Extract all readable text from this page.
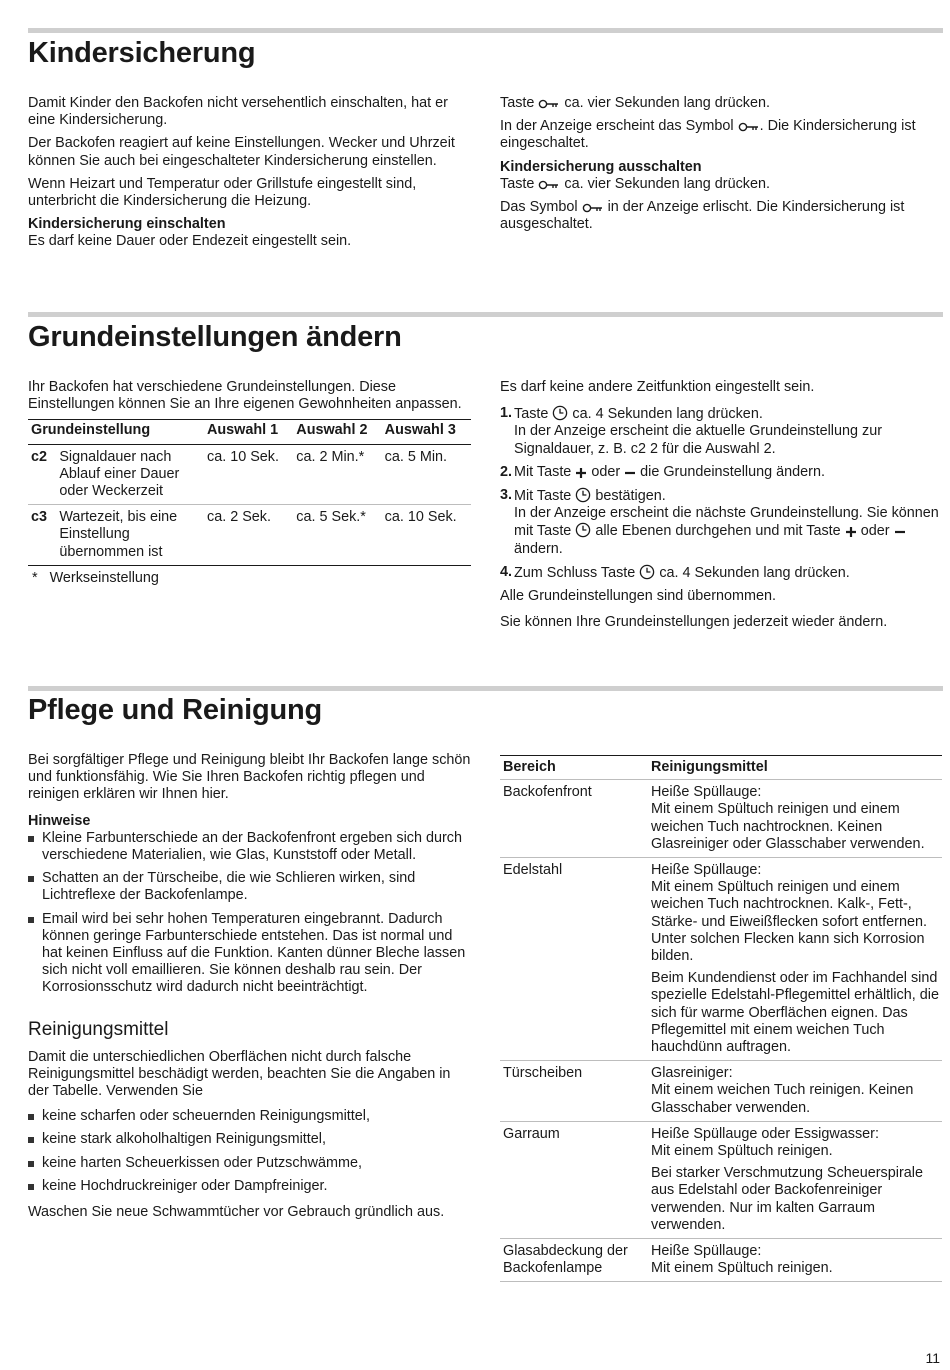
Kindersicherung

Damit Kinder den Backofen nicht versehentlich einschalten, hat er eine Kindersicherung.

Der Backofen reagiert auf keine Einstellungen. Wecker und Uhrzeit können Sie auch bei eingeschalteter Kindersicherung einstellen.

Wenn Heizart und Temperatur oder Grillstufe eingestellt sind, unterbricht die Kindersicherung die Heizung.

Kindersicherung einschalten

Es darf keine Dauer oder Endezeit eingestellt sein.

Taste ca. vier Sekunden lang drücken.

In der Anzeige erscheint das Symbol . Die Kindersicherung ist eingeschaltet.

Kindersicherung ausschalten

Taste ca. vier Sekunden lang drücken.

Das Symbol in der Anzeige erlischt. Die Kindersicherung ist ausgeschaltet.

Grundeinstellungen ändern

Ihr Backofen hat verschiedene Grundeinstellungen. Diese Einstellungen können Sie an Ihre eigenen Gewohnheiten anpassen.

Grundeinstellung		Auswahl 1	Auswahl 2	Auswahl 3
c2	Signaldauer nach Ablauf einer Dauer oder Weckerzeit	ca. 10 Sek.	ca. 2 Min.*	ca. 5 Min.
c3	Wartezeit, bis eine Einstellung übernommen ist	ca. 2 Sek.	ca. 5 Sek.*	ca. 10 Sek.
* Werkseinstellung

Es darf keine andere Zeitfunktion eingestellt sein.

1. Taste ca. 4 Sekunden lang drücken.
In der Anzeige erscheint die aktuelle Grundeinstellung zur Signaldauer, z. B. c2 2 für die Auswahl 2.
2. Mit Taste oder die Grundeinstellung ändern.
3. Mit Taste bestätigen.
In der Anzeige erscheint die nächste Grundeinstellung. Sie können mit Taste alle Ebenen durchgehen und mit Taste oder  ändern.
4. Zum Schluss Taste ca. 4 Sekunden lang drücken.

Alle Grundeinstellungen sind übernommen.

Sie können Ihre Grundeinstellungen jederzeit wieder ändern.

Pflege und Reinigung

Bei sorgfältiger Pflege und Reinigung bleibt Ihr Backofen lange schön und funktionsfähig. Wie Sie Ihren Backofen richtig pflegen und reinigen erklären wir Ihnen hier.

Hinweise
Kleine Farbunterschiede an der Backofenfront ergeben sich durch verschiedene Materialien, wie Glas, Kunststoff oder Metall.
Schatten an der Türscheibe, die wie Schlieren wirken, sind Lichtreflexe der Backofenlampe.
Email wird bei sehr hohen Temperaturen eingebrannt. Dadurch können geringe Farbunterschiede entstehen. Das ist normal und hat keinen Einfluss auf die Funktion. Kanten dünner Bleche lassen sich nicht voll emaillieren. Sie können deshalb rau sein. Der Korrosionsschutz wird dadurch nicht beeinträchtigt.
Reinigungsmittel

Damit die unterschiedlichen Oberflächen nicht durch falsche Reinigungsmittel beschädigt werden, beachten Sie die Angaben in der Tabelle. Verwenden Sie

keine scharfen oder scheuernden Reinigungsmittel,
keine stark alkoholhaltigen Reinigungsmittel,
keine harten Scheuerkissen oder Putzschwämme,
keine Hochdruckreiniger oder Dampfreiniger.

Waschen Sie neue Schwammtücher vor Gebrauch gründlich aus.

Bereich	Reinigungsmittel
Backofenfront	Heiße Spüllauge:
Mit einem Spültuch reinigen und einem weichen Tuch nachtrocknen. Keinen Glasreiniger oder Glasschaber verwenden.

Edelstahl	Heiße Spüllauge:
Mit einem Spültuch reinigen und einem weichen Tuch nachtrocknen. Kalk-, Fett-, Stärke- und Eiweißflecken sofort entfernen. Unter solchen Flecken kann sich Korrosion bilden.

Beim Kundendienst oder im Fachhandel sind spezielle Edelstahl-Pflegemittel erhältlich, die sich für warme Oberflächen eignen. Das Pflegemittel mit einem weichen Tuch hauchdünn auftragen.

Türscheiben	Glasreiniger:
Mit einem weichen Tuch reinigen. Keinen Glasschaber verwenden.

Garraum	Heiße Spüllauge oder Essigwasser:
Mit einem Spültuch reinigen.

Bei starker Verschmutzung Scheuerspirale aus Edelstahl oder Backofenreiniger verwenden. Nur im kalten Garraum verwenden.

Glasabdeckung der Backofenlampe	Heiße Spüllauge:
Mit einem Spültuch reinigen.

11
